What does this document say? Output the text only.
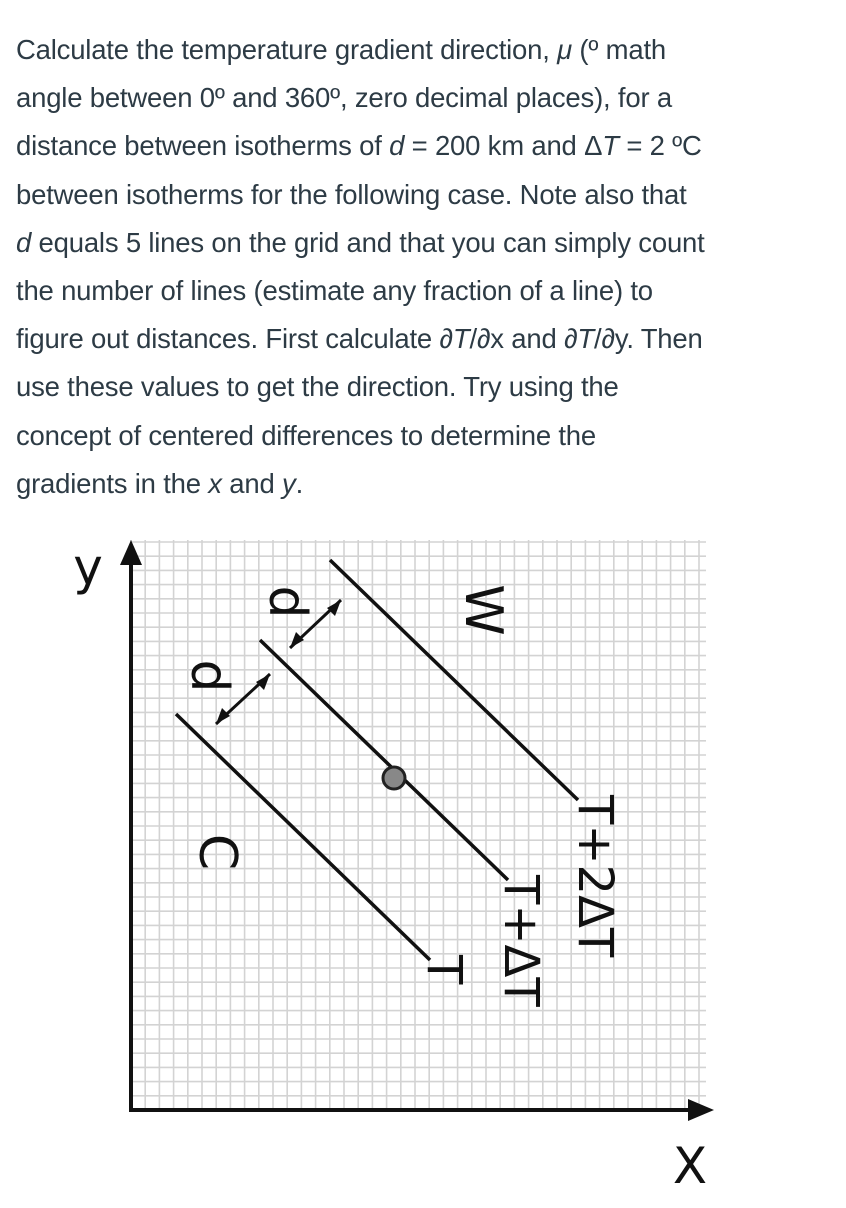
Calculate the temperature gradient direction, μ (º math
angle between 0º and 360º, zero decimal places), for a
distance between isotherms of d = 200 km and ΔT = 2 ºC
between isotherms for the following case. Note also that
d equals 5 lines on the grid and that you can simply count
the number of lines (estimate any fraction of a line) to
figure out distances. First calculate ∂T/∂x and ∂T/∂y. Then
use these values to get the direction. Try using the
concept of centered differences to determine the
gradients in the x and y.

y
X
d
d
W
C	T+2ΔT
T+ΔT
T
